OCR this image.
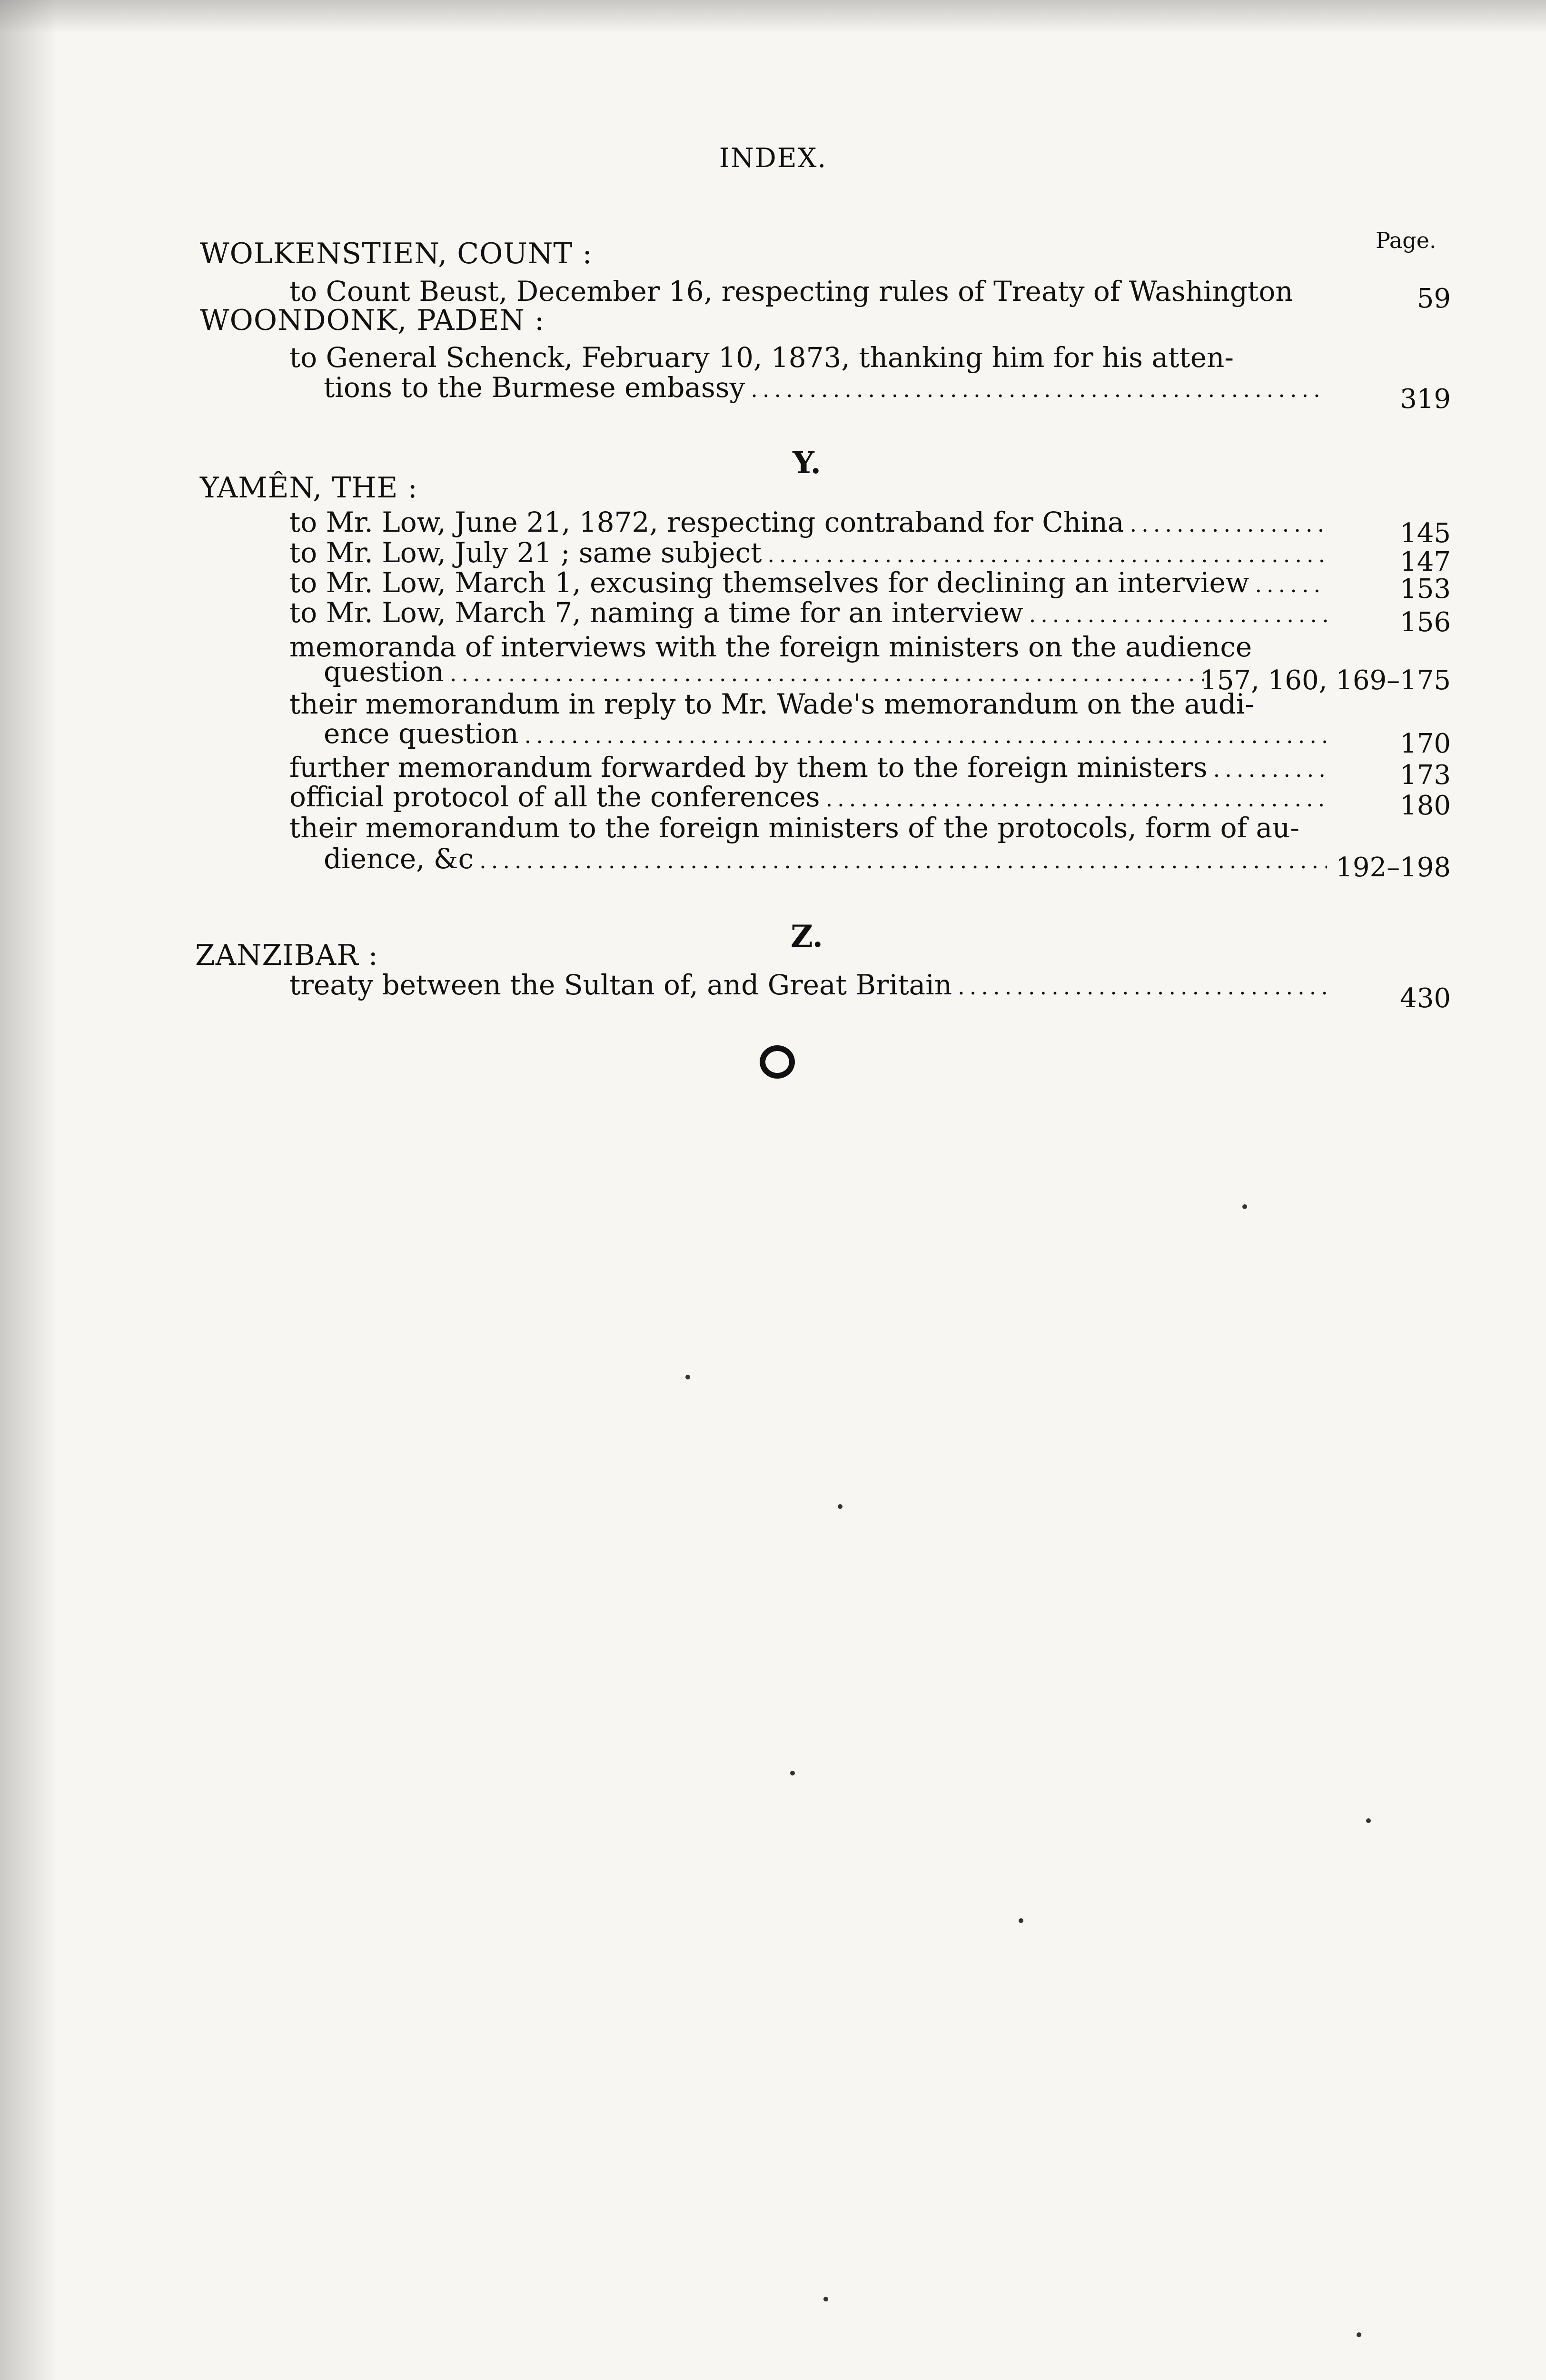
INDEX.
Page.
WOLKENSTIEN, COUNT :
to Count Beust, December 16, respecting rules of Treaty of Washington	59
WOONDONK, PADEN :
to General Schenck, February 10, 1873, thanking him for his atten-
tions to the Burmese embassy .....	319
Y.
YAMÊN, THE :
to Mr. Low, June 21, 1872, respecting contraband for China .....	145
to Mr. Low, July 21 ; same subject .....	147
to Mr. Low, March 1, excusing themselves for declining an interview .....	153
to Mr. Low, March 7, naming a time for an interview .....	156
memoranda of interviews with the foreign ministers on the audience
question .....	157, 160, 169–175
their memorandum in reply to Mr. Wade's memorandum on the audi-
ence question .....	170
further memorandum forwarded by them to the foreign ministers .....	173
official protocol of all the conferences .....	180
their memorandum to the foreign ministers of the protocols, form of au-
dience, &c .....	192–198
Z.
ZANZIBAR :
treaty between the Sultan of, and Great Britain .....	430
